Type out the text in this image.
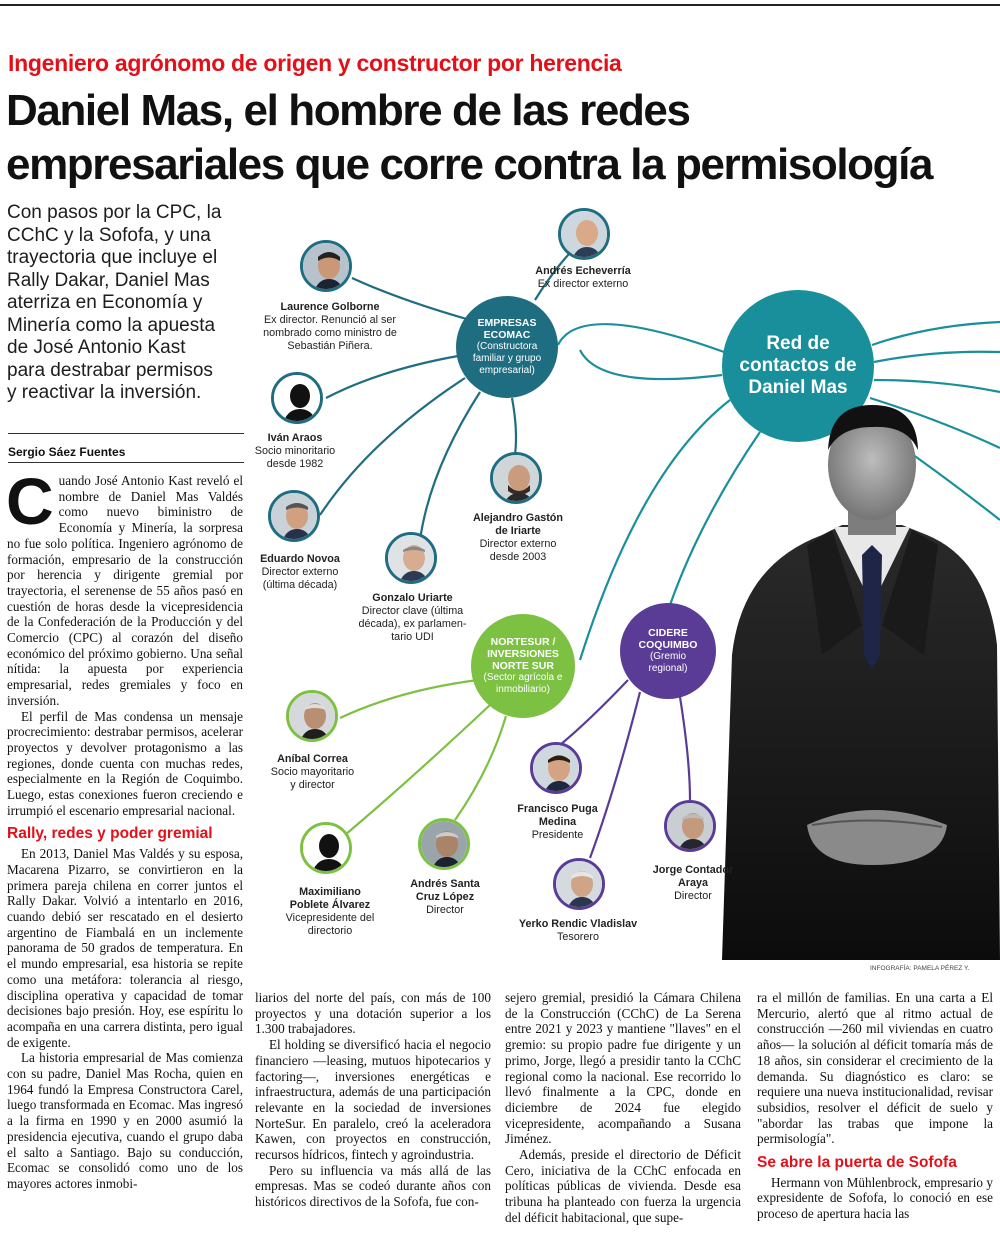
Ingeniero agrónomo de origen y constructor por herencia
Daniel Mas, el hombre de las redes
empresariales que corre contra la permisología
Con pasos por la CPC, la
CChC y la Sofofa, y una
trayectoria que incluye el
Rally Dakar, Daniel Mas
aterriza en Economía y
Minería como la apuesta
de José Antonio Kast
para destrabar permisos
y reactivar la inversión.
Sergio Sáez Fuentes
Red de
contactos de
Daniel Mas
EMPRESAS
ECOMAC
(Constructora
familiar y grupo
empresarial)
NORTESUR /
INVERSIONES
NORTE SUR
(Sector agrícola e
inmobiliario)
CIDERE
COQUIMBO
(Gremio
regional)
Andrés Echeverría
Ex director externo
Laurence Golborne
Ex director. Renunció al ser
nombrado como ministro de
Sebastián Piñera.
Iván Araos
Socio minoritario
desde 1982
Alejandro Gastón
de Iriarte
Director externo
desde 2003
Eduardo Novoa
Director externo
(última década)
Gonzalo Uriarte
Director clave (última
década), ex parlamen-
tario UDI
Aníbal Correa
Socio mayoritario
y director
Maximiliano
Poblete Álvarez
Vicepresidente del
directorio
Andrés Santa
Cruz López
Director
Francisco Puga
Medina
Presidente
Jorge Contador
Araya
Director
Yerko Rendic Vladislav
Tesorero
INFOGRAFÍA: PAMELA PÉREZ Y.

Cuando José Antonio Kast reveló el nombre de Daniel Mas Valdés como nuevo biministro de Economía y Minería, la sorpresa no fue solo política. Ingeniero agrónomo de formación, empresario de la construcción por herencia y dirigente gremial por trayectoria, el serenense de 55 años pasó en cuestión de horas desde la vicepresidencia de la Confederación de la Producción y del Comercio (CPC) al corazón del diseño económico del próximo gobierno. Una señal nítida: la apuesta por experiencia empresarial, redes gremiales y foco en inversión.

El perfil de Mas condensa un mensaje procrecimiento: destrabar permisos, acelerar proyectos y devolver protagonismo a las regiones, donde cuenta con muchas redes, especialmente en la Región de Coquimbo. Luego, estas conexiones fueron creciendo e irrumpió el escenario empresarial nacional.

Rally, redes y poder gremial

En 2013, Daniel Mas Valdés y su esposa, Macarena Pizarro, se convirtieron en la primera pareja chilena en correr juntos el Rally Dakar. Volvió a intentarlo en 2016, cuando debió ser rescatado en el desierto argentino de Fiambalá en un inclemente panorama de 50 grados de temperatura. En el mundo empresarial, esa historia se repite como una metáfora: tolerancia al riesgo, disciplina operativa y capacidad de tomar decisiones bajo presión. Hoy, ese espíritu lo acompaña en una carrera distinta, pero igual de exigente.

La historia empresarial de Mas comienza con su padre, Daniel Mas Rocha, quien en 1964 fundó la Empresa Constructora Carel, luego transformada en Ecomac. Mas ingresó a la firma en 1990 y en 2000 asumió la presidencia ejecutiva, cuando el grupo daba el salto a Santiago. Bajo su conducción, Ecomac se consolidó como uno de los mayores actores inmobi-

liarios del norte del país, con más de 100 proyectos y una dotación superior a los 1.300 trabajadores.

El holding se diversificó hacia el negocio financiero —leasing, mutuos hipotecarios y factoring—, inversiones energéticas e infraestructura, además de una participación relevante en la sociedad de inversiones NorteSur. En paralelo, creó la aceleradora Kawen, con proyectos en construcción, recursos hídricos, fintech y agroindustria.

Pero su influencia va más allá de las empresas. Mas se codeó durante años con históricos directivos de la Sofofa, fue con-

sejero gremial, presidió la Cámara Chilena de la Construcción (CChC) de La Serena entre 2021 y 2023 y mantiene "llaves" en el gremio: su propio padre fue dirigente y un primo, Jorge, llegó a presidir tanto la CChC regional como la nacional. Ese recorrido lo llevó finalmente a la CPC, donde en diciembre de 2024 fue elegido vicepresidente, acompañando a Susana Jiménez.

Además, preside el directorio de Déficit Cero, iniciativa de la CChC enfocada en políticas públicas de vivienda. Desde esa tribuna ha planteado con fuerza la urgencia del déficit habitacional, que supe-

ra el millón de familias. En una carta a El Mercurio, alertó que al ritmo actual de construcción —260 mil viviendas en cuatro años— la solución al déficit tomaría más de 18 años, sin considerar el crecimiento de la demanda. Su diagnóstico es claro: se requiere una nueva institucionalidad, revisar subsidios, resolver el déficit de suelo y "abordar las trabas que impone la permisología".

Se abre la puerta de Sofofa

Hermann von Mühlenbrock, empresario y expresidente de Sofofa, lo conoció en ese proceso de apertura hacia las
